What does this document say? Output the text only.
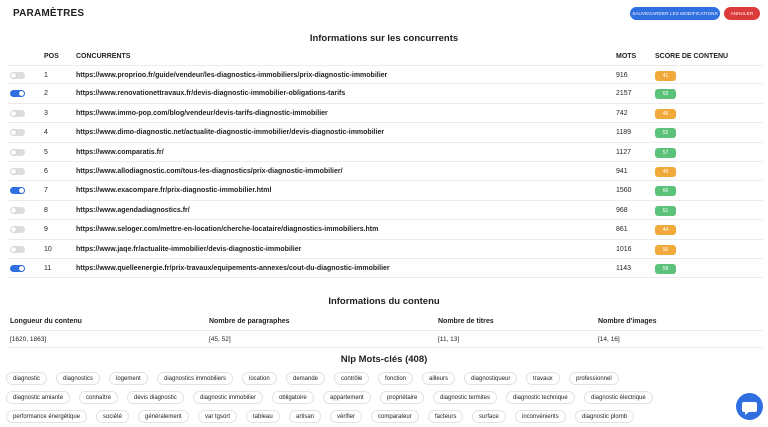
PARAMÈTRES	SAUVEGARDER LES MODIFICATIONS	ANNULER
Informations sur les concurrents
POS CONCURRENTS	MOTS	SCORE DE CONTENU
1	https://www.proprioo.fr/guide/vendeur/les-diagnostics-immobiliers/prix-diagnostic-immobilier	916	41
2	https://www.renovationettravaux.fr/devis-diagnostic-immobilier-obligations-tarifs	2157	63
3	https://www.immo-pop.com/blog/vendeur/devis-tarifs-diagnostic-immobilier	742	46
4	https://www.dimo-diagnostic.net/actualite-diagnostic-immobilier/devis-diagnostic-immobilier	1189	52
5	https://www.comparatis.fr/	1127	57
6	https://www.allodiagnostic.com/tous-les-diagnostics/prix-diagnostic-immobilier/	941	46
7	https://www.exacompare.fr/prix-diagnostic-immobilier.html	1560	60
8	https://www.agendadiagnostics.fr/	968	51
9	https://www.seloger.com/mettre-en-location/cherche-locataire/diagnostics-immobiliers.htm	861	44
10	https://www.jaqe.fr/actualite-immobilier/devis-diagnostic-immobilier	1016	50
11	https://www.quelleenergie.fr/prix-travaux/equipements-annexes/cout-du-diagnostic-immobilier	1143	58
Informations du contenu
Longueur du contenu	Nombre de paragraphes	Nombre de titres	Nombre d'images
[1620, 1863]	[45, 52]	[11, 13]	[14, 16]
Nlp Mots-clés (408)
diagnostic	diagnostics	logement	diagnostics immobiliers	location	demande	contrôle	fonction	ailleurs	diagnostiqueur	travaux	professionnel
diagnostic amiante	connaître	devis diagnostic	diagnostic immobilier	obligatoire	appartement	propriétaire	diagnostic termites	diagnostic technique	diagnostic électrique
performance énergétique	société	généralement	var tgsort	tableau	artisan	vérifier	comparateur	facteurs	surface	inconvénients	diagnostic plomb
